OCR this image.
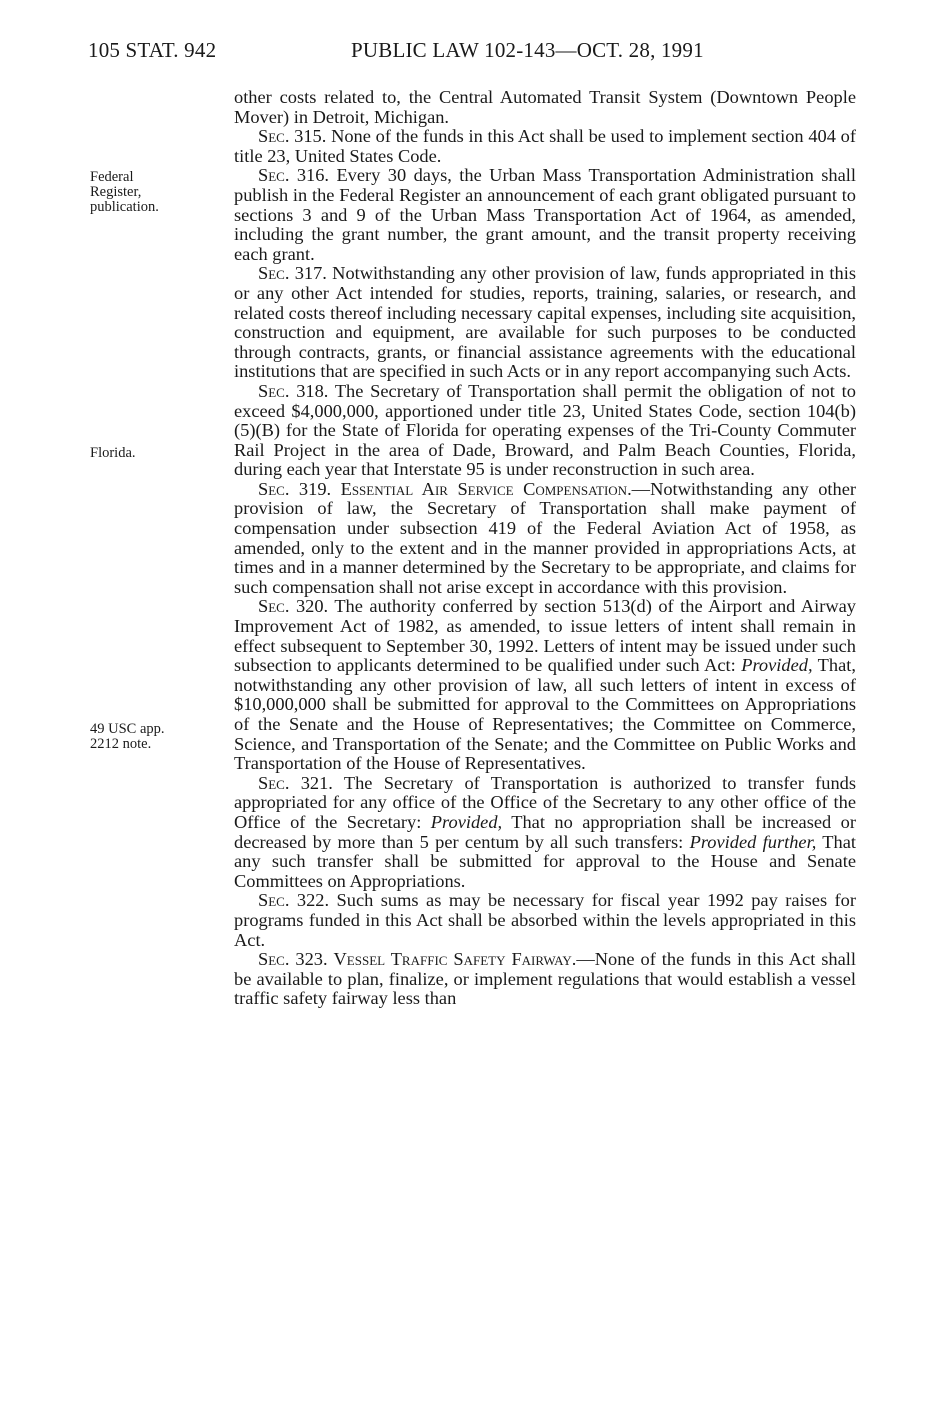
105 STAT. 942	PUBLIC LAW 102-143—OCT. 28, 1991
Federal
Register,
publication.
Florida.
49 USC app.
2212 note.

other costs related to, the Central Automated Transit System (Downtown People Mover) in Detroit, Michigan.

Sec. 315. None of the funds in this Act shall be used to implement section 404 of title 23, United States Code.

Sec. 316. Every 30 days, the Urban Mass Transportation Administration shall publish in the Federal Register an announcement of each grant obligated pursuant to sections 3 and 9 of the Urban Mass Transportation Act of 1964, as amended, including the grant number, the grant amount, and the transit property receiving each grant.

Sec. 317. Notwithstanding any other provision of law, funds appropriated in this or any other Act intended for studies, reports, training, salaries, or research, and related costs thereof including necessary capital expenses, including site acquisition, construction and equipment, are available for such purposes to be conducted through contracts, grants, or financial assistance agreements with the educational institutions that are specified in such Acts or in any report accompanying such Acts.

Sec. 318. The Secretary of Transportation shall permit the obligation of not to exceed $4,000,000, apportioned under title 23, United States Code, section 104(b)(5)(B) for the State of Florida for operating expenses of the Tri-County Commuter Rail Project in the area of Dade, Broward, and Palm Beach Counties, Florida, during each year that Interstate 95 is under reconstruction in such area.

Sec. 319. Essential Air Service Compensation.—Notwithstanding any other provision of law, the Secretary of Transportation shall make payment of compensation under subsection 419 of the Federal Aviation Act of 1958, as amended, only to the extent and in the manner provided in appropriations Acts, at times and in a manner determined by the Secretary to be appropriate, and claims for such compensation shall not arise except in accordance with this provision.

Sec. 320. The authority conferred by section 513(d) of the Airport and Airway Improvement Act of 1982, as amended, to issue letters of intent shall remain in effect subsequent to September 30, 1992. Letters of intent may be issued under such subsection to applicants determined to be qualified under such Act: Provided, That, notwithstanding any other provision of law, all such letters of intent in excess of $10,000,000 shall be submitted for approval to the Committees on Appropriations of the Senate and the House of Representatives; the Committee on Commerce, Science, and Transportation of the Senate; and the Committee on Public Works and Transportation of the House of Representatives.

Sec. 321. The Secretary of Transportation is authorized to transfer funds appropriated for any office of the Office of the Secretary to any other office of the Office of the Secretary: Provided, That no appropriation shall be increased or decreased by more than 5 per centum by all such transfers: Provided further, That any such transfer shall be submitted for approval to the House and Senate Committees on Appropriations.

Sec. 322. Such sums as may be necessary for fiscal year 1992 pay raises for programs funded in this Act shall be absorbed within the levels appropriated in this Act.

Sec. 323. Vessel Traffic Safety Fairway.—None of the funds in this Act shall be available to plan, finalize, or implement regulations that would establish a vessel traffic safety fairway less than
